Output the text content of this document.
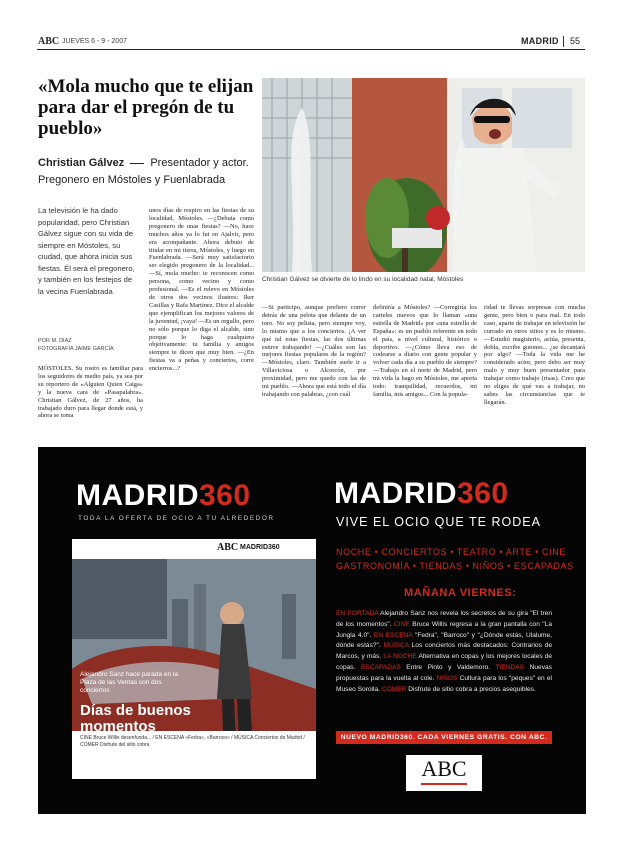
ABC JUEVES 6 - 9 - 2007	MADRID 55
«Mola mucho que te elijan para dar el pregón de tu pueblo»
Christian Gálvez Presentador y actor.
Pregonero en Móstoles y Fuenlabrada
Christian Gálvez se divierte de lo lindo en su localidad natal, Móstoles
La televisión le ha dado popularidad, pero Christian Gálvez sigue con su vida de siempre en Móstoles, su ciudad, que ahora inicia sus fiestas. Él será el pregonero, y también en los festejos de la vecina Fuenlabrada
POR M. DÍAZ
FOTOGRAFÍA JAIME GARCÍA
MÓSTOLES. Su rostro es familiar para los seguidores de medio país, ya sea por su reportero de «Alguien Quien Caiga» y la nueva cara de «Pasapalabra». Christian Gálvez, de 27 años, ha trabajado duro para llegar donde está, y ahora se toma
unos días de respiro en las fiestas de su localidad, Móstoles. —¿Debuta como pregonero de unas fiestas? —No, hace muchos años ya lo fui en Ajalvir, pero era acompañante. Ahora debuto de titular en mi tierra, Móstoles, y luego en Fuenlabrada. —Será muy satisfactorio ser elegido pregonero de la localidad... —Sí, mola mucho: te reconocen como persona, como vecino y como profesional. —Es el relevo en Móstoles de otros dos vecinos ilustres: Iker Casillas y Rafa Martínez. Dice el alcalde que ejemplifican los mejores valores de la juventud, ¡vaya! —Es un orgullo, pero no sólo porque lo diga el alcalde, sino porque lo haga cualquiera objetivamente: tu familia y amigos siempre te dicen que muy bien. —¿En fiestas va a peñas y conciertos, corre encierros...?
—Si participo, aunque prefiero correr detrás de una pelota que delante de un toro. No soy pelista, pero siempre voy, lo mismo que a los conciertos. ¡A ver qué tal estas fiestas, las dos últimas estuve trabajando! —¿Cuáles son las mejores fiestas populares de la región? —Móstoles, claro. También suele ir a Villaviciosa o Alcorcón, por proximidad, pero me quedo con las de mi pueblo. —Ahora que está todo el día trabajando con palabras, ¿con cuál
definiría a Móstoles? —Corregiría los carteles nuevos que lo llaman «una estrella de Madrid» por «una estrella de España»: es un pueblo referente en todo el país, a nivel cultural, histórico o deportivo. —¿Cómo lleva eso de codearse a diario con gente popular y volver cada día a su pueblo de siempre? —Trabajo en el norte de Madrid, pero mi vida la hago en Móstoles, me aporta todo: tranquilidad, recuerdos, mi familia, mis amigos... Con la popula-
ridad te llevas sorpresas con mucha gente, pero bien o para mal. En todo caso, aparte de trabajar en televisión he currado en otros sitios y es lo mismo. —Estudió magisterio, actúa, presenta, dobla, escribe guiones... ¿se decantará por algo? —Toda la vida me he considerado actor, pero debo ser muy malo y muy buen presentador para trabajar como trabajo (risas). Creo que no eliges de qué vas a trabajar, no sabes las circunstancias que te llegarán.
MADRID360
TODA LA OFERTA DE OCIO A TU ALREDEDOR
ABC MADRID360
Alejandro Sanz hace parada en la Plaza de las Ventas con dos conciertos
Días de buenos momentos
CINE Bruce Willis desenfunda... / EN ESCENA «Fedra», «Barroco» / MÚSICA Conciertos de Madrid / COMER Disfrute del sitio cobra
MADRID360
VIVE EL OCIO QUE TE RODEA
NOCHE • CONCIERTOS • TEATRO • ARTE • CINE
GASTRONOMÍA • TIENDAS • NIÑOS • ESCAPADAS
MAÑANA VIERNES:
EN PORTADA Alejandro Sanz nos revela los secretos de su gira "El tren de los momentos". CINE Bruce Willis regresa a la gran pantalla con "La Jungla 4.0". EN ESCENA "Fedra", "Barroco" y "¿Dónde estás, Ulalume, dónde estás?". MÚSICA Los conciertos más destacados: Contrarios de Marcos, y más. LA NOCHE Alternativa en copas y los mejores locales de copas. ESCAPADAS Entre Pinto y Valdemoro. TIENDAS Nuevas propuestas para la vuelta al cole. NIÑOS Cultura para los "peques" en el Museo Sorolla. COMER Disfrute de sitio cobra a precios asequibles.
NUEVO MADRID360. CADA VIERNES GRATIS. CON ABC.
ABC
